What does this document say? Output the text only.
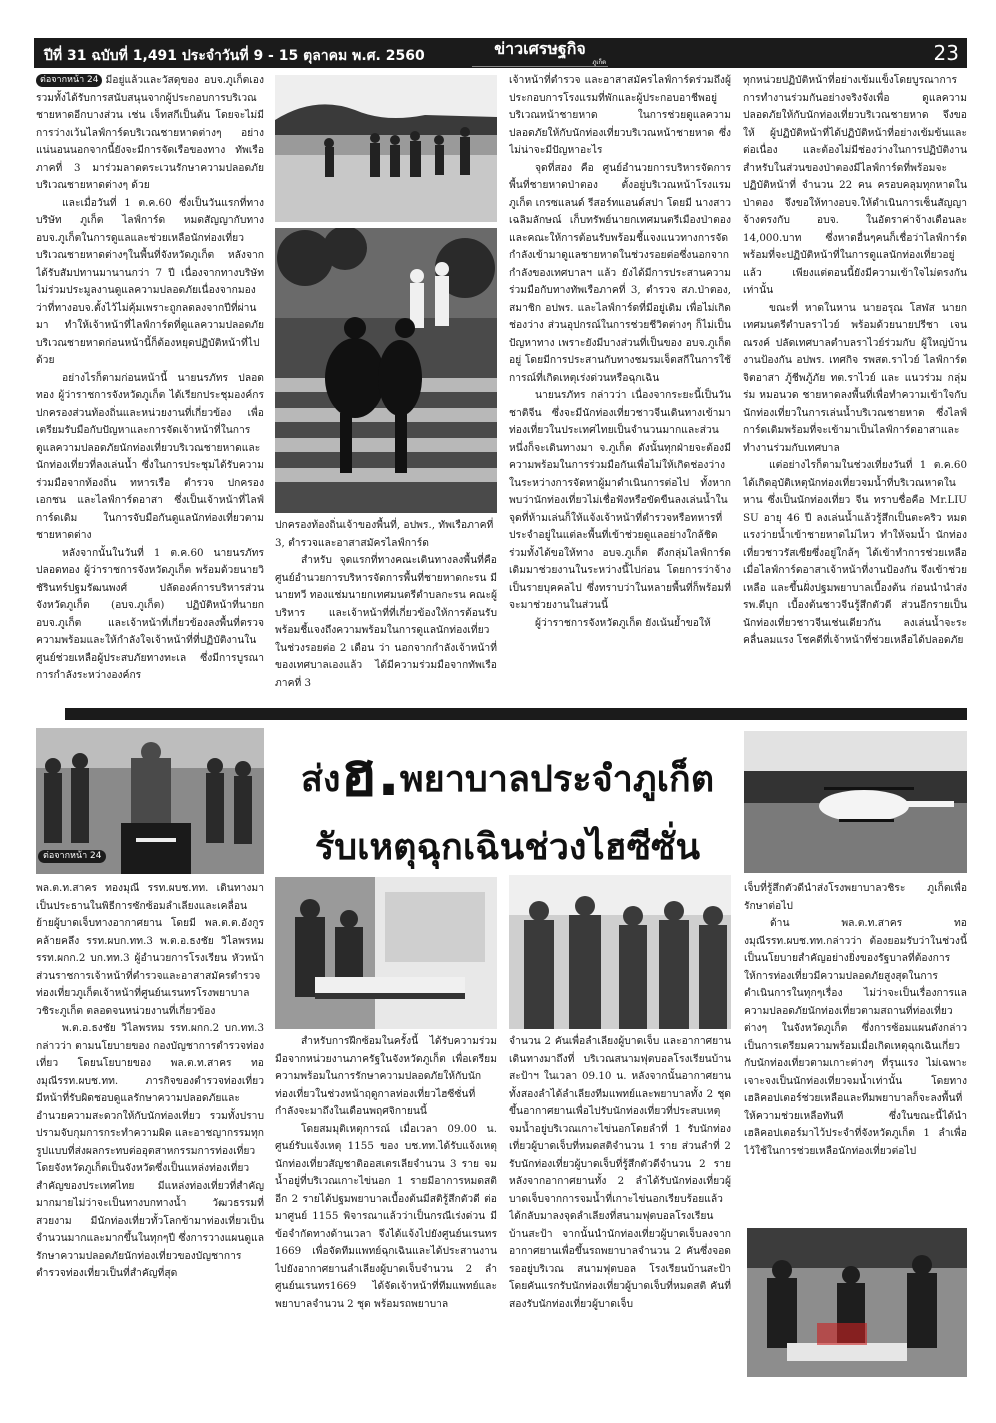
ปีที่ 31 ฉบับที่ 1,491 ประจำวันที่ 9 - 15 ตุลาคม พ.ศ. 2560	ข่าวเศรษฐกิจ
ภูเก็ต	23

ต่อจากหน้า 24 มีอยู่แล้วและวัสดุของ อบจ.ภูเก็ตเองรวมทั้งได้รับการสนับสนุนจากผู้ประกอบการบริเวณชายหาดอีกบางส่วน เช่น เจ็ทสกีเป็นต้น โดยจะไม่มีการว่างเว้นไลฟ์การ์ดบริเวณชายหาดต่างๆ อย่างแน่นอนนอกจากนี้ยังจะมีการจัดเรือของทาง ทัพเรือภาคที่ 3 มาร่วมลาดตระเวนรักษาความปลอดภัยบริเวณชายหาดต่างๆ ด้วย

และเมื่อวันที่ 1 ต.ค.60 ซึ่งเป็นวันแรกที่ทางบริษัท ภูเก็ต ไลฟ์การ์ด หมดสัญญากับทาง อบจ.ภูเก็ตในการดูแลและช่วยเหลือนักท่องเที่ยวบริเวณชายหาดต่างๆในพื้นที่จังหวัดภูเก็ต หลังจากได้รับสัมปทานมานานกว่า 7 ปี เนื่องจากทางบริษัทไม่ร่วมประมูลงานดูแลความปลอดภัยเนื่องจากมองว่าที่ทางอบจ.ตั้งไว้ไม่คุ้มเพราะถูกลดลงจากปีที่ผ่านมา ทำให้เจ้าหน้าที่ไลฟ์การ์ดที่ดูแลความปลอดภัยบริเวณชายหาดก่อนหน้านี้ก็ต้องหยุดปฏิบัติหน้าที่ไปด้วย

อย่างไรก็ตามก่อนหน้านี้ นายนรภัทร ปลอดทอง ผู้ว่าราชการจังหวัดภูเก็ต ได้เรียกประชุมองค์กรปกครองส่วนท้องถิ่นและหน่วยงานที่เกี่ยวข้อง เพื่อเตรียมรับมือกับปัญหาและการจัดเจ้าหน้าที่ในการดูแลความปลอดภัยนักท่องเที่ยวบริเวณชายหาดและนักท่องเที่ยวที่ลงเล่นน้ำ ซึ่งในการประชุมได้รับความร่วมมือจากท้องถิ่น ทหารเรือ ตำรวจ ปกครอง เอกชน และไลฟ์การ์ดอาสา ซึ่งเป็นเจ้าหน้าที่ไลฟ์การ์ดเดิม ในการจับมือกันดูแลนักท่องเที่ยวตามชายหาดต่าง

หลังจากนั้นในวันที่ 1 ต.ค.60 นายนรภัทร ปลอดทอง ผู้ว่าราชการจังหวัดภูเก็ต พร้อมด้วยนายวิชัรินทร์ปฐมรัฒนพงศ์ ปลัดองค์การบริหารส่วนจังหวัดภูเก็ต (อบจ.ภูเก็ต) ปฏิบัติหน้าที่นายกอบจ.ภูเก็ต และเจ้าหน้าที่เกี่ยวข้องลงพื้นที่ตรวจความพร้อมและให้กำลังใจเจ้าหน้าที่ที่ปฏิบัติงานในศูนย์ช่วยเหลือผู้ประสบภัยทางทะเล ซึ่งมีการบูรณาการกำลังระหว่างองค์กร

ปกครองท้องถิ่นเจ้าของพื้นที่, อปพร., ทัพเรือภาคที่ 3, ตำรวจและอาสาสมัครไลฟ์การ์ด

สำหรับ จุดแรกที่ทางคณะเดินทางลงพื้นที่คือ ศูนย์อำนวยการบริหารจัดการพื้นที่ชายหาดกะรน มีนายทวี ทองแช่มนายกเทศมนตรีตำบลกะรน คณะผู้บริหาร และเจ้าหน้าที่ที่เกี่ยวข้องให้การต้อนรับ พร้อมชี้แจงถึงความพร้อมในการดูแลนักท่องเที่ยว ในช่วงรอยต่อ 2 เดือน ว่า นอกจากกำลังเจ้าหน้าที่ของเทศบาลเองแล้ว ได้มีความร่วมมือจากทัพเรือภาคที่ 3

เจ้าหน้าที่ตำรวจ และอาสาสมัครไลฟ์การ์ดร่วมถึงผู้ประกอบการโรงแรมที่พักและผู้ประกอบอาชีพอยู่บริเวณหน้าชายหาด ในการช่วยดูแลความปลอดภัยให้กับนักท่องเที่ยวบริเวณหน้าชายหาด ซึ่งไม่น่าจะมีปัญหาอะไร

จุดที่สอง คือ ศูนย์อำนวยการบริหารจัดการพื้นที่ชายหาดป่าตอง ตั้งอยู่บริเวณหน้าโรงแรม ภูเก็ต เกรซแลนด์ รีสอร์ทแอนด์สปา โดยมี นางสาวเฉลิมลักษณ์ เก็บทรัพย์นายกเทศมนตรีเมืองป่าตอง และคณะให้การต้อนรับพร้อมชี้แจงแนวทางการจัดกำลังเข้ามาดูแลชายหาดในช่วงรอยต่อซึ่งนอกจากกำลังของเทศบาลฯ แล้ว ยังได้มีการประสานความร่วมมือกับทางทัพเรือภาคที่ 3, ตำรวจ สภ.ป่าตอง, สมาชิก อปพร. และไลฟ์การ์ดที่มีอยู่เดิม เพื่อไม่เกิดช่องว่าง ส่วนอุปกรณ์ในการช่วยชีวิตต่างๆ ก็ไม่เป็นปัญหาทาง เพราะยังมีบางส่วนที่เป็นของ อบจ.ภูเก็ต อยู่ โดยมีการประสานกับทางชมรมเจ็ตสกีในการใช้การณ์ที่เกิดเหตุเร่งด่วนหรือฉุกเฉิน

นายนรภัทร กล่าวว่า เนื่องจากระยะนี้เป็นวันชาติจีน ซึ่งจะมีนักท่องเที่ยวชาวจีนเดินทางเข้ามาท่องเที่ยวในประเทศไทยเป็นจำนวนมากและส่วนหนึ่งก็จะเดินทางมา จ.ภูเก็ต ดังนั้นทุกฝ่ายจะต้องมีความพร้อมในการร่วมมือกันเพื่อไม่ให้เกิดช่องว่างในระหว่างการจัดหาผู้มาดำเนินการต่อไป ทั้งหากพบว่านักท่องเที่ยวไม่เชื่อฟังหรือขัดขืนลงเล่นน้ำในจุดที่ห้ามเล่นก็ให้แจ้งเจ้าหน้าที่ตำรวจหรือทหารที่ประจำอยู่ในแต่ละพื้นที่เข้าช่วยดูแลอย่างใกล้ชิด ร่วมทั้งได้ขอให้ทาง อบจ.ภูเก็ต ดึงกลุ่มไลฟ์การ์ดเดิมมาช่วยงานในระหว่างนี้ไปก่อน โดยการว่าจ้างเป็นรายบุคคลไป ซึ่งทราบว่าในหลายพื้นที่ก็พร้อมที่จะมาช่วยงานในส่วนนี้

ผู้ว่าราชการจังหวัดภูเก็ต ยังเน้นย้ำขอให้

ทุกหน่วยปฏิบัติหน้าที่อย่างเข้มแข็งโดยบูรณาการการทำงานร่วมกันอย่างจริงจังเพื่อ ดูแลความปลอดภัยให้กับนักท่องเที่ยวบริเวณชายหาด จึงขอให้ ผู้ปฏิบัติหน้าที่ได้ปฏิบัติหน้าที่อย่างเข้มข้นและต่อเนื่อง และต้องไม่มีช่องว่างในการปฏิบัติงาน สำหรับในส่วนของป่าตองมีไลฟ์การ์ดที่พร้อมจะปฏิบัติหน้าที่ จำนวน 22 คน ครอบคลุมทุกหาดในป่าตอง จึงขอให้ทางอบจ.ให้ดำเนินการเซ็นสัญญาจ้างตรงกับ อบจ. ในอัตราค่าจ้างเดือนละ 14,000.บาท ซึ่งหาดอื่นๆคนก็เชื่อว่าไลฟ์การ์ดพร้อมที่จะปฏิบัติหน้าที่ในการดูแลนักท่องเที่ยวอยู่แล้ว เพียงแต่ตอนนี้ยังมีความเข้าใจไม่ตรงกันเท่านั้น

ขณะที่ หาดในหาน นายอรุณ โสฬส นายกเทศมนตรีตำบลราไวย์ พร้อมด้วยนายปรีชา เจนณรงค์ ปลัดเทศบาลตำบลราไวย์ร่วมกับ ผู้ใหญ่บ้าน งานป้องกัน อปพร. เทศกิจ รพสต.ราไวย์ ไลฟ์การ์ดจิตอาสา ภู้ชีพภู้ภัย ทต.ราไวย์ และ แนวร่วม กลุ่มร่ม หมอนวด ชายหาดลงพื้นที่เพื่อทำความเข้าใจกับนักท่องเที่ยวในการเล่นน้ำบริเวณชายหาด ซึ่งไลฟ์การ์ดเดิมพร้อมที่จะเข้ามาเป็นไลฟ์การ์ดอาสาและทำงานร่วมกับเทศบาล

แต่อย่างไรก็ตามในช่วงเที่ยงวันที่ 1 ต.ค.60 ได้เกิดอุบัติเหตุนักท่องเที่ยวจมน้ำที่บริเวณหาดในหาน ซึ่งเป็นนักท่องเที่ยว จีน ทราบชื่อคือ Mr.LIU SU อายุ 46 ปี ลงเล่นน้ำแล้วรู้สึกเป็นตะคริว หมดแรงว่ายน้ำเข้าชายหาดไม่ไหว ทำให้จมน้ำ นักท่องเที่ยวชาวรัสเซียซึ่งอยู่ใกล้ๆ ได้เข้าทำการช่วยเหลือ เมื่อไลฟ์การ์ดอาสาเจ้าหน้าที่งานป้องกัน จึงเข้าช่วยเหลือ และขึ้นฝั่งปฐมพยาบาลเบื้องต้น ก่อนนำนำส่งรพ.ดีบุก เบื้องต้นชาวจีนรู้สึกตัวดี ส่วนอีกรายเป็นนักท่องเที่ยวชาวจีนเช่นเดียวกัน ลงเล่นน้ำจะระคลื่นลมแรง โชคดีที่เจ้าหน้าที่ช่วยเหลือได้ปลอดภัย

ต่อจากหน้า 24
ส่งฮ.พยาบาลประจำภูเก็ต
รับเหตุฉุกเฉินช่วงไฮซีซั่น

พล.ต.ท.สาคร ทองมุณี รรท.ผบช.ทท. เดินทางมาเป็นประธานในพิธีการซักซ้อมลำเลียงและเคลื่อนย้ายผู้บาดเจ็บทางอากาศยาน โดยมี พล.ต.ต.อังกูร คล้ายคลึง รรท.ผบก.ทท.3 พ.ต.อ.ธงชัย วิไลพรหม รรท.ผกก.2 บก.ทท.3 ผู้อำนวยการโรงเรียน หัวหน้าส่วนราชการเจ้าหน้าที่ตำรวจและอาสาสมัครตำรวจท่องเที่ยวภูเก็ตเจ้าหน้าที่ศูนย์นเรนทรโรงพยาบาลวชิระภูเก็ต ตลอดจนหน่วยงานที่เกี่ยวข้อง

พ.ต.อ.ธงชัย วิไลพรหม รรท.ผกก.2 บก.ทท.3 กล่าวว่า ตามนโยบายของ กองบัญชาการตำรวจท่องเที่ยว โดยนโยบายของ พล.ต.ท.สาคร ทองมุณีรรท.ผบช.ทท. ภารกิจของตำรวจท่องเที่ยวมีหน้าที่รับผิดชอบดูแลรักษาความปลอดภัยและอำนวยความสะดวกให้กับนักท่องเที่ยว รวมทั้งปราบปรามจับกุมการกระทำความผิด และอาชญากรรมทุกรูปแบบที่ส่งผลกระทบต่ออุตสาหกรรมการท่องเที่ยว โดยจังหวัดภูเก็ตเป็นจังหวัดซึ่งเป็นแหล่งท่องเที่ยวสำคัญของประเทศไทย มีแหล่งท่องเที่ยวที่สำคัญมากมายไม่ว่าจะเป็นทางบกทางน้ำ วัฒวธรรมที่สวยงาม มีนักท่องเที่ยวทั้วโลกข้ามาท่องเที่ยวเป็นจำนวนมากและมากขึ้นในทุกๆปี ซึ่งการวางแผนดูแลรักษาความปลอดภัยนักท่องเที่ยวของบัญชาการตำรวจท่องเที่ยวเป็นที่สำคัญที่สุด

สำหรับการฝึกซ้อมในครั้งนี้ ได้รับความร่วมมือจากหน่วยงานภาครัฐในจังหวัดภูเก็ต เพื่อเตรียมความพร้อมในการรักษาความปลอดภัยให้กับนักท่องเที่ยวในช่วงหน้าฤดูกาลท่องเที่ยวไฮซีซั่นที่กำลังจะมาถึงในเดือนพฤศจิกายนนี้

โดยสมมุติเหตุการณ์ เมื่อเวลา 09.00 น. ศูนย์รับแจ้งเหตุ 1155 ของ บช.ทท.ได้รับแจ้งเหตุนักท่องเที่ยวสัญชาติออสเตรเลียจำนวน 3 ราย จมน้ำอยู่ที่บริเวณเกาะไข่นอก 1 รายมีอาการหมดสติ อีก 2 รายได้ปฐมพยาบาลเบื้องต้นมีสติรู้สึกตัวดี ต่อมาศูนย์ 1155 พิจารณาแล้วว่าเป็นกรณีเร่งด่วน มีข้อจำกัดทางด้านเวลา จึงได้แจ้งไปยังศูนย์นเรนทร 1669 เพื่อจัดทีมแพทย์ฉุกเฉินและได้ประสานงานไปยังอากาศยานลำเลียงผู้บาดเจ็บจำนวน 2 ลำ ศูนย์นเรนทร1669 ได้จัดเจ้าหน้าที่ทีมแพทย์และพยาบาลจำนวน 2 ชุด พร้อมรถพยาบาล

จำนวน 2 คันเพื่อลำเลียงผู้บาดเจ็บ และอากาศยานเดินทางมาถึงที่ บริเวณสนามฟุตบอลโรงเรียนบ้านสะป้าฯ ในเวลา 09.10 น. หลังจากนั้นอากาศยานทั้งสองลำได้ลำเลียงทีมแพทย์และพยาบาลทั้ง 2 ชุด ขึ้นอากาศยานเพื่อไปรับนักท่องเที่ยวที่ประสบเหตุจมน้ำอยู่บริเวณเกาะไข่นอกโดยลำที่ 1 รับนักท่องเที่ยวผู้บาดเจ็บที่หมดสติจำนวน 1 ราย ส่วนลำที่ 2 รับนักท่องเที่ยวผู้บาดเจ็บที่รู้สึกตัวดีจำนวน 2 ราย หลังจากอากาศยานทั้ง 2 ลำได้รับนักท่องเที่ยวผู้บาดเจ็บจากการจมน้ำที่เกาะไข่นอกเรียบร้อยแล้ว ได้กลับมาลงจุดลำเลียงที่สนามฟุตบอลโรงเรียนบ้านสะป้า จากนั้นนำนักท่องเที่ยวผู้บาดเจ็บลงจากอากาศยานเพื่อขึ้นรถพยาบาลจำนวน 2 คันซึ่งจอดรออยู่บริเวณ สนามฟุตบอล โรงเรียนบ้านสะป้า โดยคันแรกรับนักท่องเที่ยวผู้บาดเจ็บที่หมดสติ คันที่สองรับนักท่องเที่ยวผู้บาดเจ็บ

เจ็บที่รู้สึกตัวดีนำส่งโรงพยาบาลวชิระ ภูเก็ตเพื่อรักษาต่อไป

ด้าน พล.ต.ท.สาคร ทองมุณีรรท.ผบช.ทท.กล่าวว่า ต้องยอมรับว่าในช่วงนี้เป็นนโยบายสำคัญอย่างยิ่งของรัฐบาลที่ต้องการให้การท่องเที่ยวมีความปลอดภัยสูงสุดในการดำเนินการในทุกๆเรื่อง ไม่ว่าจะเป็นเรื่องการแลความปลอดภัยนักท่องเที่ยวตามสถานที่ท่องเที่ยวต่างๆ ในจังหวัดภูเก็ต ซึ่งการซ้อมแผนดังกล่าวเป็นการเตรียมความพร้อมเมื่อเกิดเหตุฉุกเฉินเกี่ยวกับนักท่องเที่ยวตามเกาะต่างๆ ที่รุนแรง ไม่เฉพาะเจาะจงเป็นนักท่องเที่ยวจมน้ำเท่านั้น โดยทางเฮลิคอปเตอร์ช่วยเหลือและทีมพยาบาลก็จะลงพื้นที่ให้ความช่วยเหลือทันที ซึ่งในขณะนี้ได้นำเฮลิคอปเตอร์มาไว้ประจำที่จังหวัดภูเก็ต 1 ลำเพื่อไว้ใช้ในการช่วยเหลือนักท่องเที่ยวต่อไป
